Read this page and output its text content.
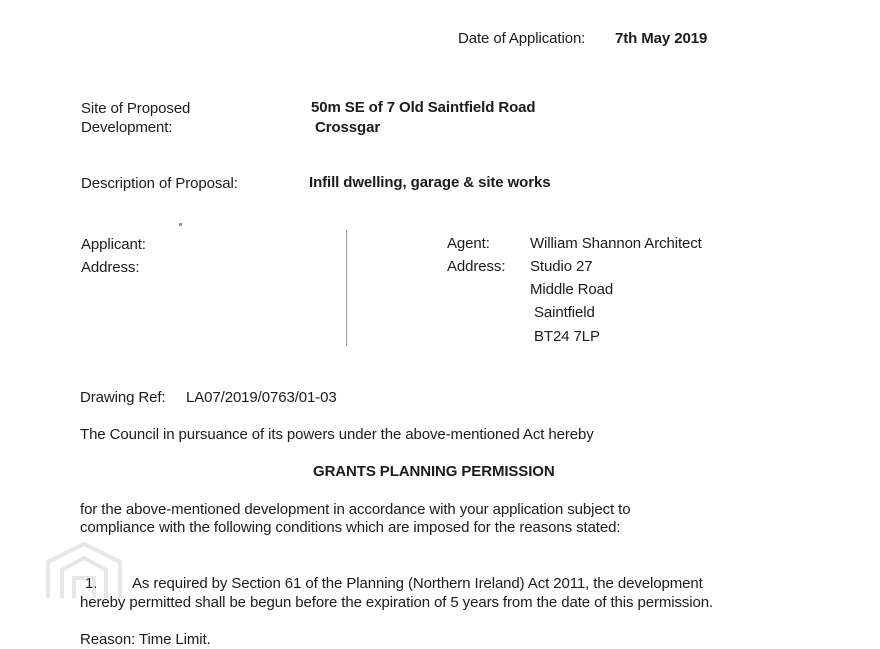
Date of Application: 7th May 2019
Site of Proposed
Development:
50m SE of 7 Old Saintfield Road
Crossgar
Description of Proposal:	Infill dwelling, garage & site works
Applicant:
Address:
Agent:	William Shannon Architect
Address: Studio 27
Middle Road
Saintfield
BT24 7LP
Drawing Ref: LA07/2019/0763/01-03
The Council in pursuance of its powers under the above-mentioned Act hereby
GRANTS PLANNING PERMISSION
for the above-mentioned development in accordance with your application subject to
compliance with the following conditions which are imposed for the reasons stated:
1. As required by Section 61 of the Planning (Northern Ireland) Act 2011, the development
hereby permitted shall be begun before the expiration of 5 years from the date of this permission.
Reason: Time Limit.
